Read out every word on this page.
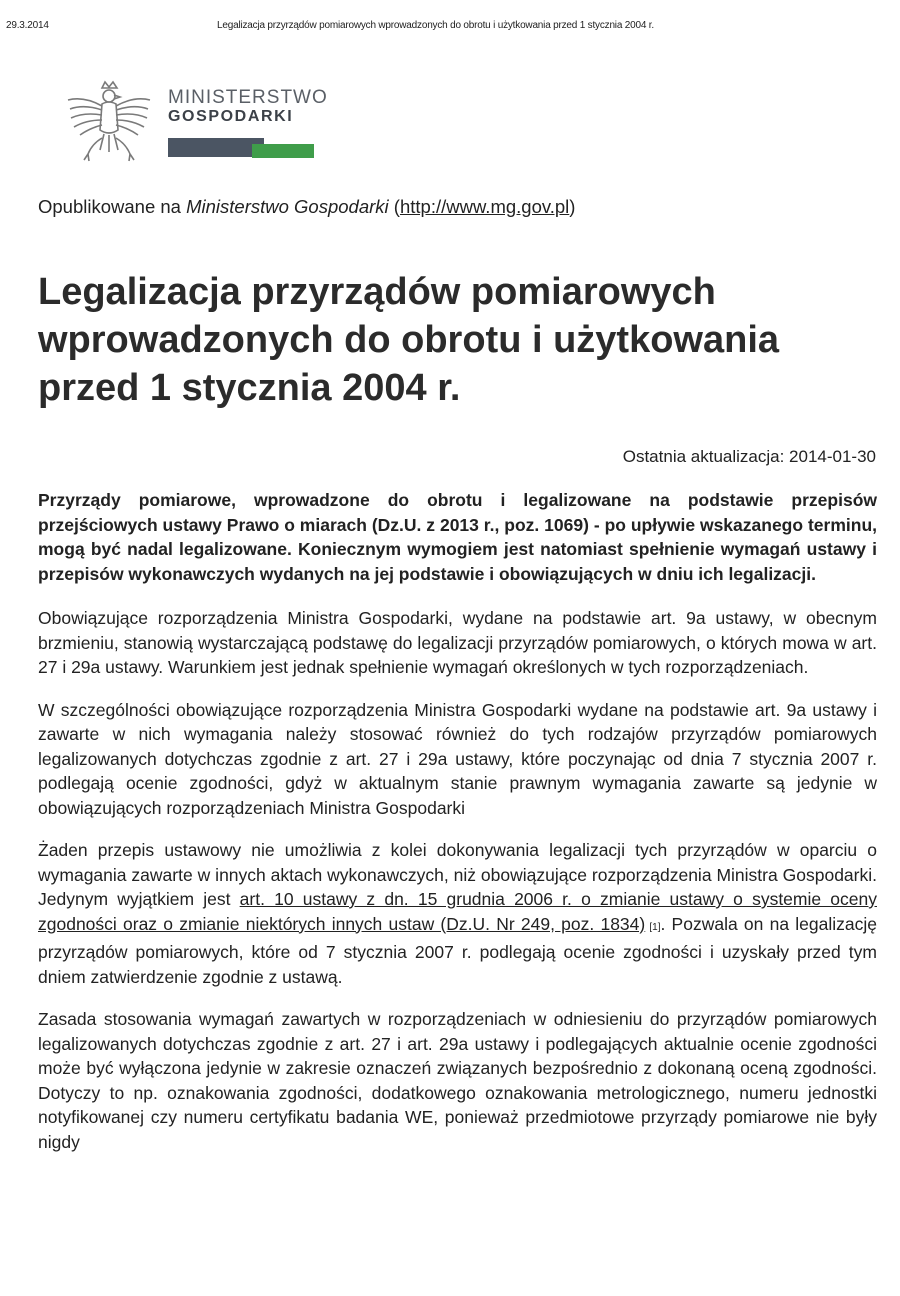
29.3.2014	Legalizacja przyrządów pomiarowych wprowadzonych do obrotu i użytkowania przed 1 stycznia 2004 r.
MINISTERSTWO
GOSPODARKI
Opublikowane na Ministerstwo Gospodarki (http://www.mg.gov.pl)
Legalizacja przyrządów pomiarowych wprowadzonych do obrotu i użytkowania przed 1 stycznia 2004 r.
Ostatnia aktualizacja: 2014-01-30

Przyrządy pomiarowe, wprowadzone do obrotu i legalizowane na podstawie przepisów przejściowych ustawy Prawo o miarach (Dz.U. z 2013 r., poz. 1069) - po upływie wskazanego terminu, mogą być nadal legalizowane. Koniecznym wymogiem jest natomiast spełnienie wymagań ustawy i przepisów wykonawczych wydanych na jej podstawie i obowiązujących w dniu ich legalizacji.

Obowiązujące rozporządzenia Ministra Gospodarki, wydane na podstawie art. 9a ustawy, w obecnym brzmieniu, stanowią wystarczającą podstawę do legalizacji przyrządów pomiarowych, o których mowa w art. 27 i 29a ustawy. Warunkiem jest jednak spełnienie wymagań określonych w tych rozporządzeniach.

W szczególności obowiązujące rozporządzenia Ministra Gospodarki wydane na podstawie art. 9a ustawy i zawarte w nich wymagania należy stosować również do tych rodzajów przyrządów pomiarowych legalizowanych dotychczas zgodnie z art. 27 i 29a ustawy, które poczynając od dnia 7 stycznia 2007 r. podlegają ocenie zgodności, gdyż w aktualnym stanie prawnym wymagania zawarte są jedynie w obowiązujących rozporządzeniach Ministra Gospodarki

Żaden przepis ustawowy nie umożliwia z kolei dokonywania legalizacji tych przyrządów w oparciu o wymagania zawarte w innych aktach wykonawczych, niż obowiązujące rozporządzenia Ministra Gospodarki. Jedynym wyjątkiem jest art. 10 ustawy z dn. 15 grudnia 2006 r. o zmianie ustawy o systemie oceny zgodności oraz o zmianie niektórych innych ustaw (Dz.U. Nr 249, poz. 1834) [1]. Pozwala on na legalizację przyrządów pomiarowych, które od 7 stycznia 2007 r. podlegają ocenie zgodności i uzyskały przed tym dniem zatwierdzenie zgodnie z ustawą.

Zasada stosowania wymagań zawartych w rozporządzeniach w odniesieniu do przyrządów pomiarowych legalizowanych dotychczas zgodnie z art. 27 i art. 29a ustawy i podlegających aktualnie ocenie zgodności może być wyłączona jedynie w zakresie oznaczeń związanych bezpośrednio z dokonaną oceną zgodności. Dotyczy to np. oznakowania zgodności, dodatkowego oznakowania metrologicznego, numeru jednostki notyfikowanej czy numeru certyfikatu badania WE, ponieważ przedmiotowe przyrządy pomiarowe nie były nigdy
